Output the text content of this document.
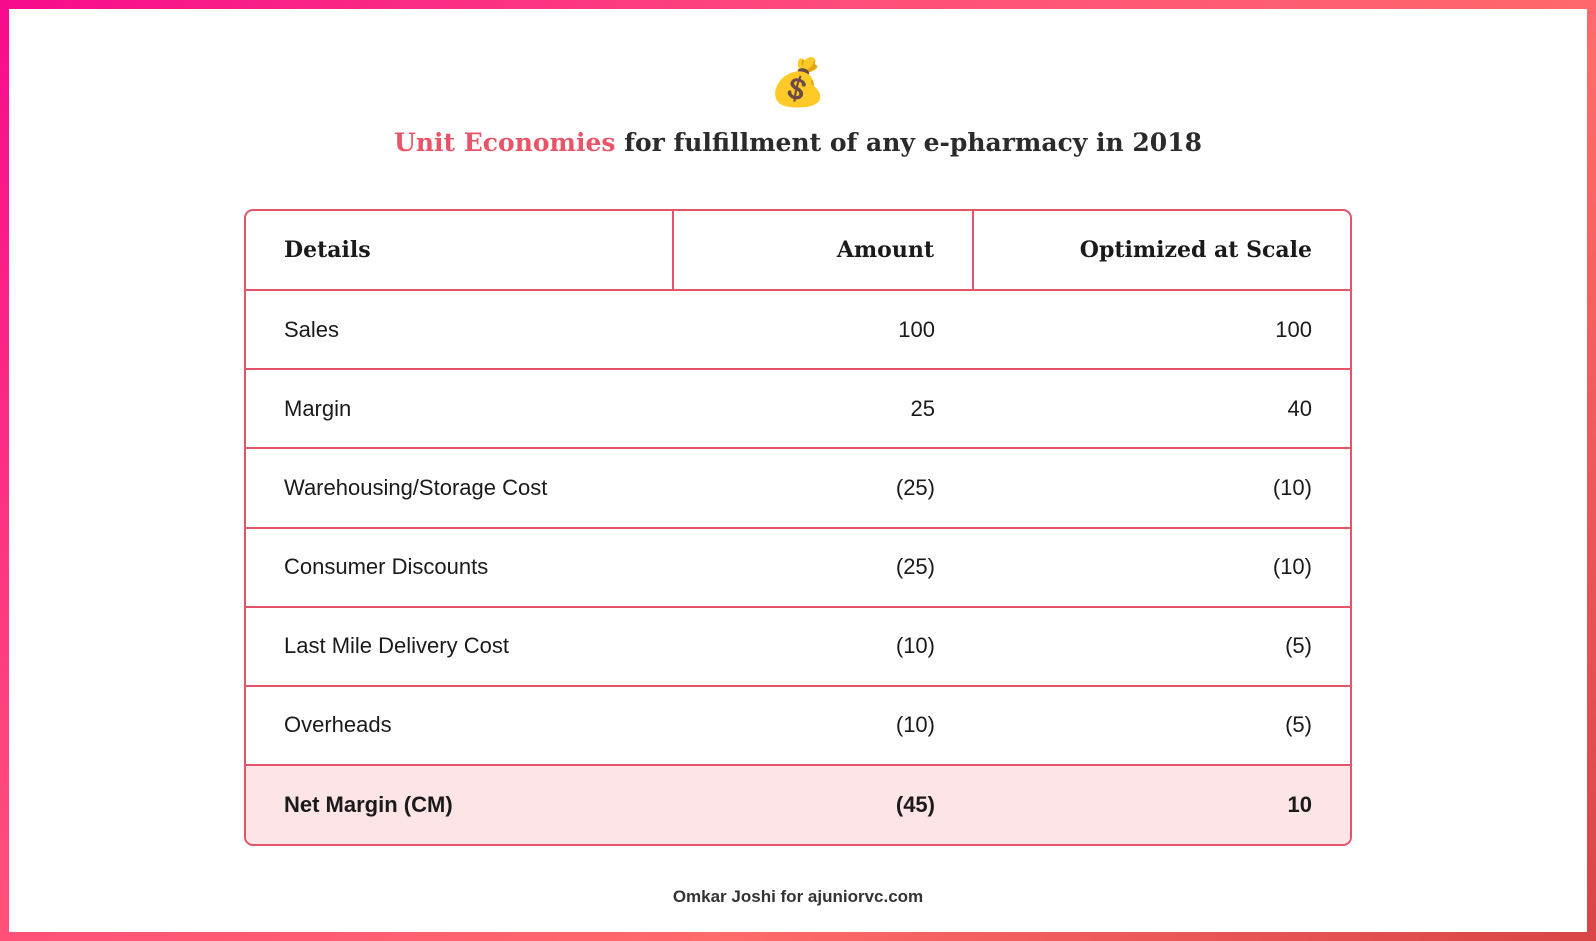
💰
Unit Economies for fulfillment of any e-pharmacy in 2018
Details	Amount	Optimized at Scale
Sales	100	100
Margin	25	40
Warehousing/Storage Cost	(25)	(10)
Consumer Discounts	(25)	(10)
Last Mile Delivery Cost	(10)	(5)
Overheads	(10)	(5)
Net Margin (CM)	(45)	10
Omkar Joshi for ajuniorvc.com
